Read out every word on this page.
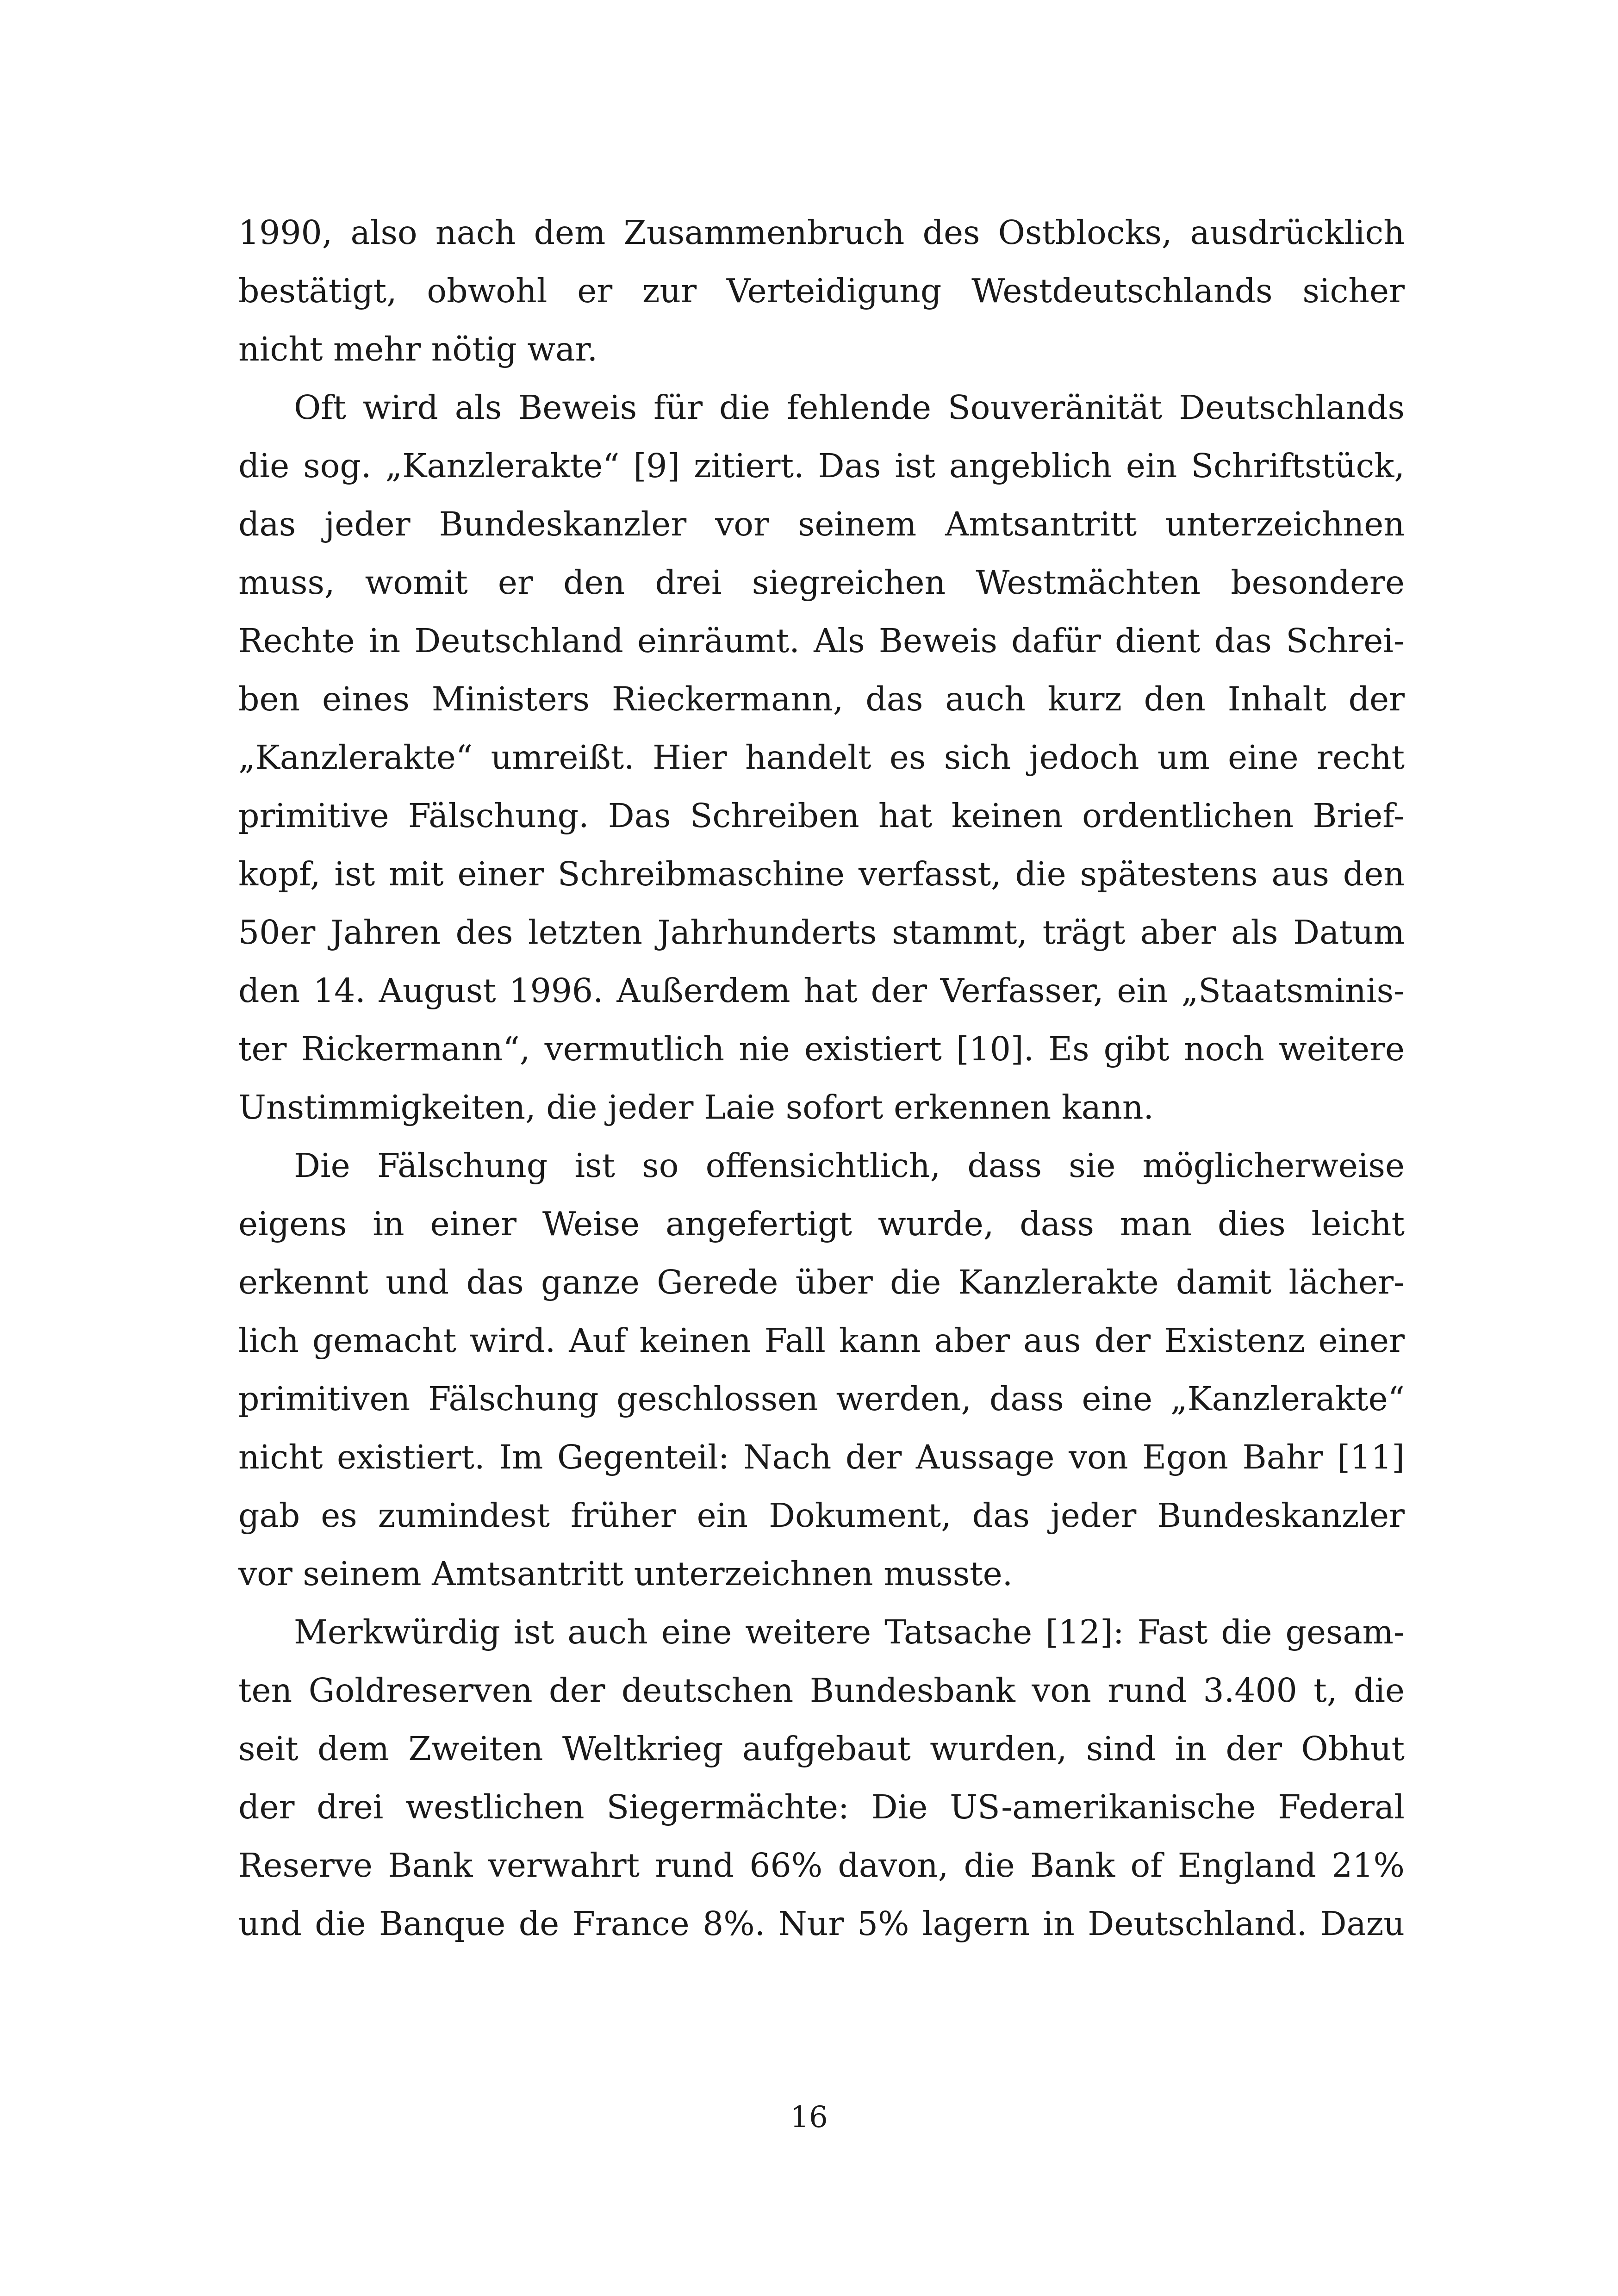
1990, also nach dem Zusammenbruch des Ostblocks, ausdrücklich
bestätigt, obwohl er zur Verteidigung Westdeutschlands sicher
nicht mehr nötig war.

Oft wird als Beweis für die fehlende Souveränität Deutschlands
die sog. „Kanzlerakte“ [9] zitiert. Das ist angeblich ein Schriftstück,
das jeder Bundeskanzler vor seinem Amtsantritt unterzeichnen
muss, womit er den drei siegreichen Westmächten besondere
Rechte in Deutschland einräumt. Als Beweis dafür dient das Schrei-
ben eines Ministers Rieckermann, das auch kurz den Inhalt der
„Kanzlerakte“ umreißt. Hier handelt es sich jedoch um eine recht
primitive Fälschung. Das Schreiben hat keinen ordentlichen Brief-
kopf, ist mit einer Schreibmaschine verfasst, die spätestens aus den
50er Jahren des letzten Jahrhunderts stammt, trägt aber als Datum
den 14. August 1996. Außerdem hat der Verfasser, ein „Staatsminis-
ter Rickermann“, vermutlich nie existiert [10]. Es gibt noch weitere
Unstimmigkeiten, die jeder Laie sofort erkennen kann.

Die Fälschung ist so offensichtlich, dass sie möglicherweise
eigens in einer Weise angefertigt wurde, dass man dies leicht
erkennt und das ganze Gerede über die Kanzlerakte damit lächer-
lich gemacht wird. Auf keinen Fall kann aber aus der Existenz einer
primitiven Fälschung geschlossen werden, dass eine „Kanzlerakte“
nicht existiert. Im Gegenteil: Nach der Aussage von Egon Bahr [11]
gab es zumindest früher ein Dokument, das jeder Bundeskanzler
vor seinem Amtsantritt unterzeichnen musste.

Merkwürdig ist auch eine weitere Tatsache [12]: Fast die gesam-
ten Goldreserven der deutschen Bundesbank von rund 3.400 t, die
seit dem Zweiten Weltkrieg aufgebaut wurden, sind in der Obhut
der drei westlichen Siegermächte: Die US-amerikanische Federal
Reserve Bank verwahrt rund 66% davon, die Bank of England 21%
und die Banque de France 8%. Nur 5% lagern in Deutschland. Dazu

16
